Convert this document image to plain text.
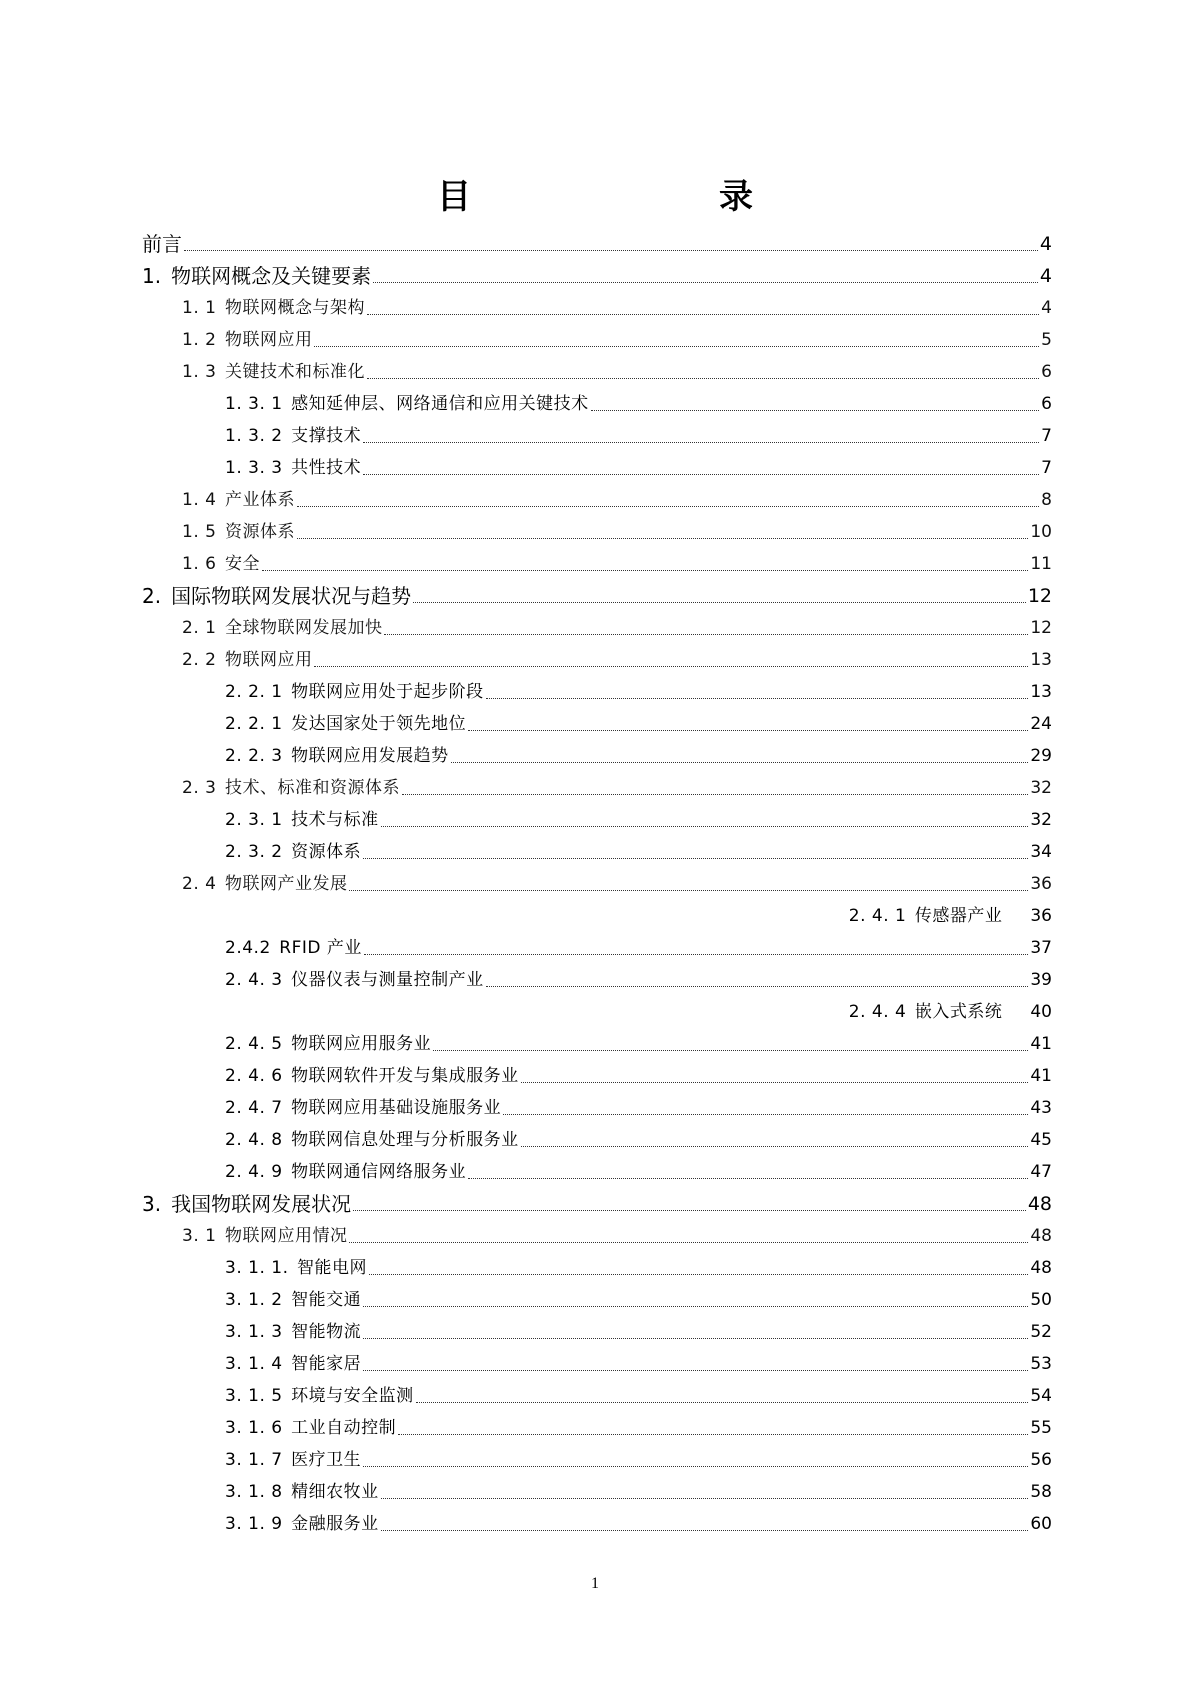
目　　录
前言	4
1. 物联网概念及关键要素	4
1. 1 物联网概念与架构	4
1. 2 物联网应用	5
1. 3 关键技术和标准化	6
1. 3. 1 感知延伸层、网络通信和应用关键技术	6
1. 3. 2 支撑技术	7
1. 3. 3 共性技术	7
1. 4 产业体系	8
1. 5 资源体系	10
1. 6 安全	11
2. 国际物联网发展状况与趋势	12
2. 1 全球物联网发展加快	12
2. 2 物联网应用	13
2. 2. 1 物联网应用处于起步阶段	13
2. 2. 1 发达国家处于领先地位	24
2. 2. 3 物联网应用发展趋势	29
2. 3 技术、标准和资源体系	32
2. 3. 1 技术与标准	32
2. 3. 2 资源体系	34
2. 4 物联网产业发展	36
2. 4. 1 传感器产业 36
2.4.2 RFID 产业	37
2. 4. 3 仪器仪表与测量控制产业	39
2. 4. 4 嵌入式系统 40
2. 4. 5 物联网应用服务业	41
2. 4. 6 物联网软件开发与集成服务业	41
2. 4. 7 物联网应用基础设施服务业	43
2. 4. 8 物联网信息处理与分析服务业	45
2. 4. 9 物联网通信网络服务业	47
3. 我国物联网发展状况	48
3. 1 物联网应用情况	48
3. 1. 1. 智能电网	48
3. 1. 2 智能交通	50
3. 1. 3 智能物流	52
3. 1. 4 智能家居	53
3. 1. 5 环境与安全监测	54
3. 1. 6 工业自动控制	55
3. 1. 7 医疗卫生	56
3. 1. 8 精细农牧业	58
3. 1. 9 金融服务业	60
1
